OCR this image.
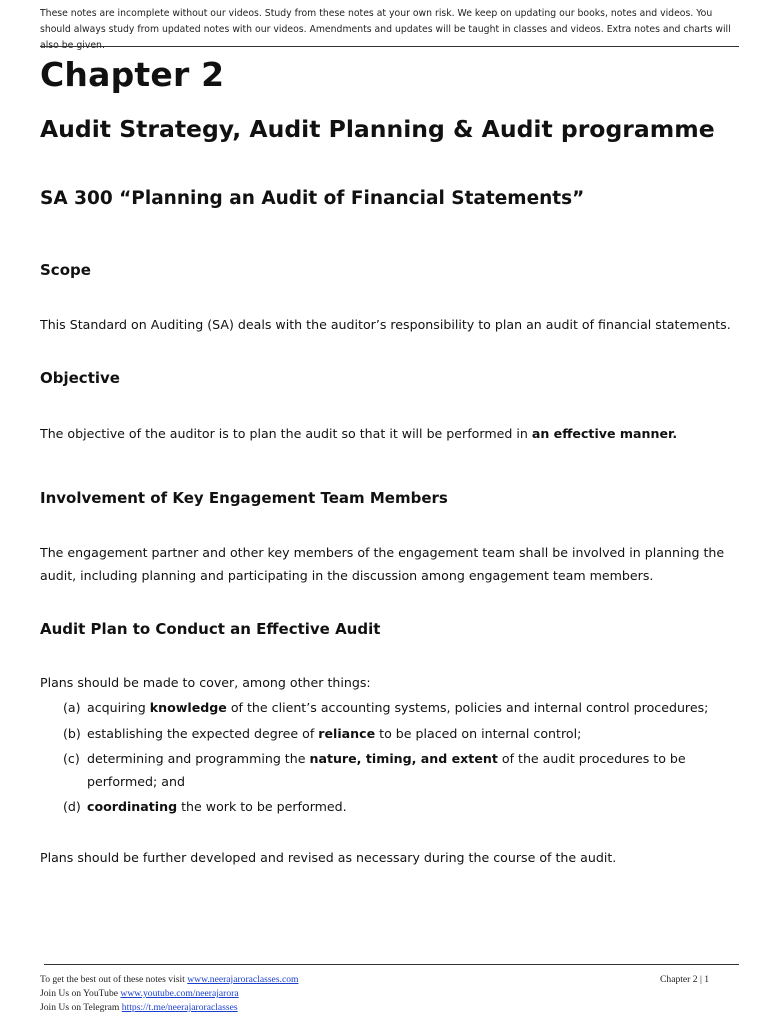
These notes are incomplete without our videos. Study from these notes at your own risk. We keep on updating our books, notes and videos. You should always study from updated notes with our videos. Amendments and updates will be taught in classes and videos. Extra notes and charts will
Chapter 2
Audit Strategy, Audit Planning & Audit programme
SA 300 “Planning an Audit of Financial Statements”
Scope

This Standard on Auditing (SA) deals with the auditor’s responsibility to plan an audit of financial statements.

Objective

The objective of the auditor is to plan the audit so that it will be performed in an effective manner.

Involvement of Key Engagement Team Members

The engagement partner and other key members of the engagement team shall be involved in planning the audit, including planning and participating in the discussion among engagement team members.

Audit Plan to Conduct an Effective Audit

Plans should be made to cover, among other things:

(a) acquiring knowledge of the client’s accounting systems, policies and internal control procedures;
(b) establishing the expected degree of reliance to be placed on internal control;
(c) determining and programming the nature, timing, and extent of the audit procedures to be performed; and
(d) coordinating the work to be performed.

Plans should be further developed and revised as necessary during the course of the audit.

To get the best out of these notes visit www.neerajaroraclasses.com
Join Us on YouTube www.youtube.com/neerajarora
Join Us on Telegram https://t.me/neerajaroraclasses
Chapter 2 | 1
